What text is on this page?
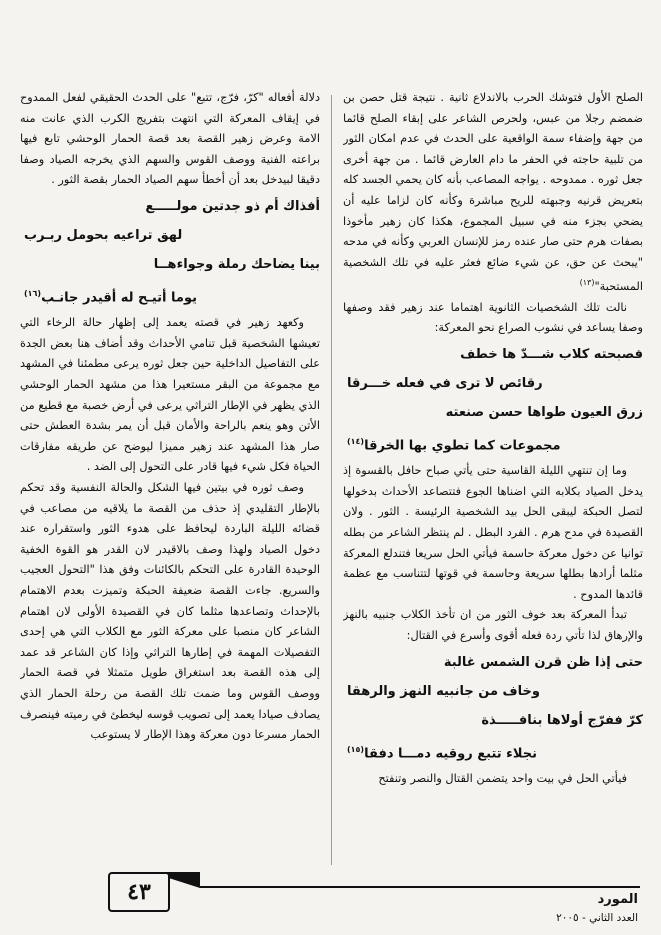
الصلح الأول فتوشك الحرب بالاندلاع ثانية . نتيجة قتل حصن بن ضمضم رجلا من عبس، ولحرص الشاعر على إبقاء الصلح قائما من جهة وإضفاء سمة الواقعية على الحدث في عدم امكان الثور من تلبية حاجته في الحفر ما دام العارض قائما . من جهة أخرى جعل ثوره . ممدوحه . يواجه المصاعب بأنه كان يحمي الجسد كله بتعريض قرنيه وجبهته للريح مباشرة وكأنه كان لزاما عليه أن يضحي بجزء منه في سبيل المجموع، هكذا كان زهير مأخوذا بصفات هرم حتى صار عنده رمز للإنسان العربي وكأنه في مدحه "يبحث عن حق، عن شيء ضائع فعثر عليه في تلك الشخصية المستحبة"$^{(١٣)}$

نالت تلك الشخصيات الثانوية اهتماما عند زهير فقد وصفها وصفا يساعد في نشوب الصراع نحو المعركة:

فصبحته كلاب شـــدّ ها خطف
رقائص لا ترى في فعله خـــرقا
زرق العيون طواها حسن صنعته
مجموعات كما تطوي بها الخرقا$^{(١٤)}$

وما إن تنتهي الليلة القاسية حتى يأتي صباح حافل بالقسوة إذ يدخل الصياد بكلابه التي اضناها الجوع فتتصاعد الأحداث بدخولها لتصل الحبكة ليبقى الحل بيد الشخصية الرئيسة . الثور . ولان القصيدة في مدح هرم . الفرد البطل . لم ينتظر الشاعر من بطله توانيا عن دخول معركة حاسمة فيأتي الحل سريعا فتندلع المعركة مثلما أرادها بطلها سريعة وحاسمة في قوتها لتتناسب مع عظمة قائدها المدوح .

تبدأ المعركة بعد خوف الثور من ان تأخذ الكلاب جنبيه بالنهز والإرهاق لذا تأتي ردة فعله أقوى وأسرع في القتال:

حتى إذا ظن قرن الشمس غالبة
وخاف من جانبيه النهز والرهقا
كرّ ففرّج أولاها بنافـــــذة
نجلاء تتبع روقيه دمـــا دفقا$^{(١٥)}$

فيأتي الحل في بيت واحد يتضمن القتال والنصر وتنفتح

دلالة أفعاله "كرّ، فرّج، تتبع" على الحدث الحقيقي لفعل الممدوح في إيقاف المعركة التي انتهت بتفريج الكرب الذي عانت منه الامة وعرض زهير القصة بعد قصة الحمار الوحشي تابع فيها براعته الفنية ووصف القوس والسهم الذي يخرجه الصياد وصفا دقيقا لبيدخل بعد أن أخطأ سهم الصياد الحمار بقصة الثور .

أفذاك أم ذو جدتين مولـــــع
لهق تراعيه بحومل ربـرب
بينا يضاحك رملة وجواءهــا
يوما أتيـح له أقيدر جانـب$^{(١٦)}$

وكعهد زهير في قصته يعمد إلى إظهار حالة الرخاء التي تعيشها الشخصية قبل تنامي الأحداث وقد أضاف هنا بعض الجدة على التفاصيل الداخلية حين جعل ثوره يرعى مطمئنا في المشهد مع مجموعة من البقر مستعيرا هذا من مشهد الحمار الوحشي الذي يظهر في الإطار التراثي يرعى في أرض خصبة مع قطيع من الأتن وهو ينعم بالراحة والأمان قبل أن يمر بشدة العطش حتى صار هذا المشهد عند زهير مميزا ليوضح عن طريقه مفارقات الحياة فكل شيء فيها قادر على التحول إلى الضد .

وصف ثوره في بيتين فيها الشكل والحالة النفسية وقد تحكم بالإطار التقليدي إذ حذف من القصة ما يلاقيه من مصاعب في قضائه الليلة الباردة ليحافظ على هدوء الثور واستقراره عند دخول الصياد ولهذا وصف بالاقيدر لان القدر هو القوة الخفية الوحيدة القادرة على التحكم بالكائنات وفق هذا "التحول العجيب والسريع. جاءت القصة ضعيفة الحبكة وتميزت بعدم الاهتمام بالإحداث وتصاعدها مثلما كان في القصيدة الأولى لان اهتمام الشاعر كان منصبا على معركة الثور مع الكلاب التي هي إحدى التفصيلات المهمة في إطارها التراثي وإذا كان الشاعر قد عمد إلى هذه القصة بعد استغراق طويل متمثلا في قصة الحمار ووصف القوس وما ضمت تلك القصة من رحلة الحمار الذي يصادف صيادا يعمد إلى تصويب قوسه ليخطئ في رميته فينصرف الحمار مسرعا دون معركة وهذا الإطار لا يستوعب

٤٣	المورد
العدد الثاني - ٢٠٠٥
